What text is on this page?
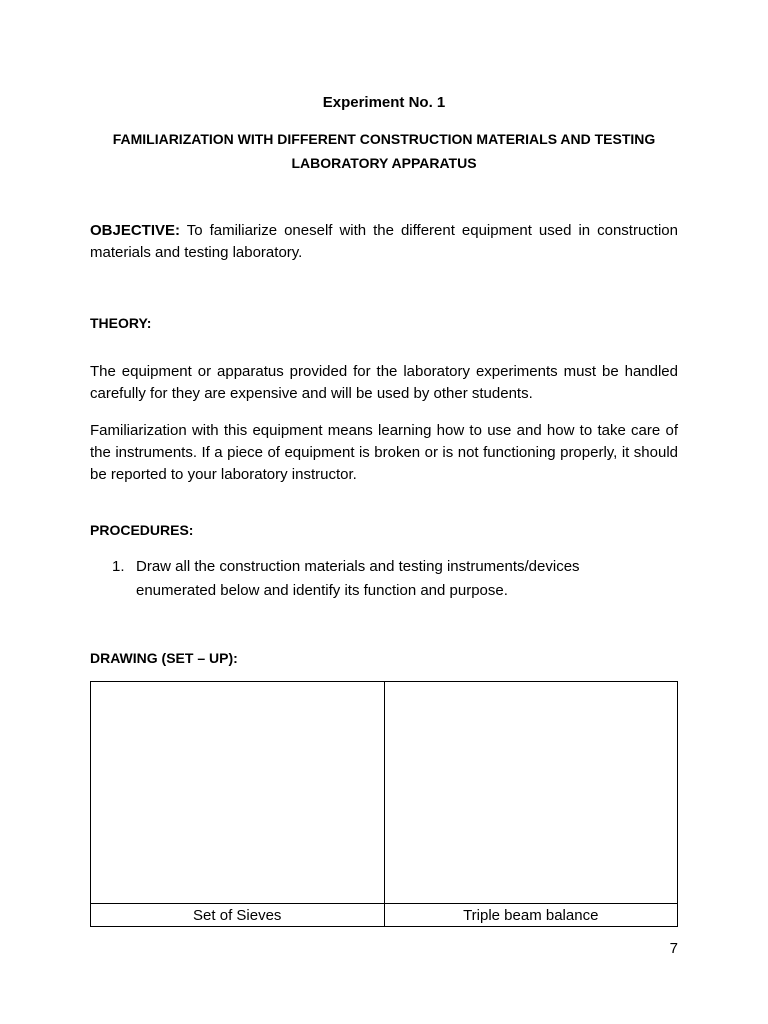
Experiment No. 1
FAMILIARIZATION WITH DIFFERENT CONSTRUCTION MATERIALS AND TESTING LABORATORY APPARATUS
OBJECTIVE: To familiarize oneself with the different equipment used in construction materials and testing laboratory.
THEORY:
The equipment or apparatus provided for the laboratory experiments must be handled carefully for they are expensive and will be used by other students.
Familiarization with this equipment means learning how to use and how to take care of the instruments. If a piece of equipment is broken or is not functioning properly, it should be reported to your laboratory instructor.
PROCEDURES:
1. Draw all the construction materials and testing instruments/devices enumerated below and identify its function and purpose.
DRAWING (SET – UP):

Set of Sieves	Triple beam balance
7
